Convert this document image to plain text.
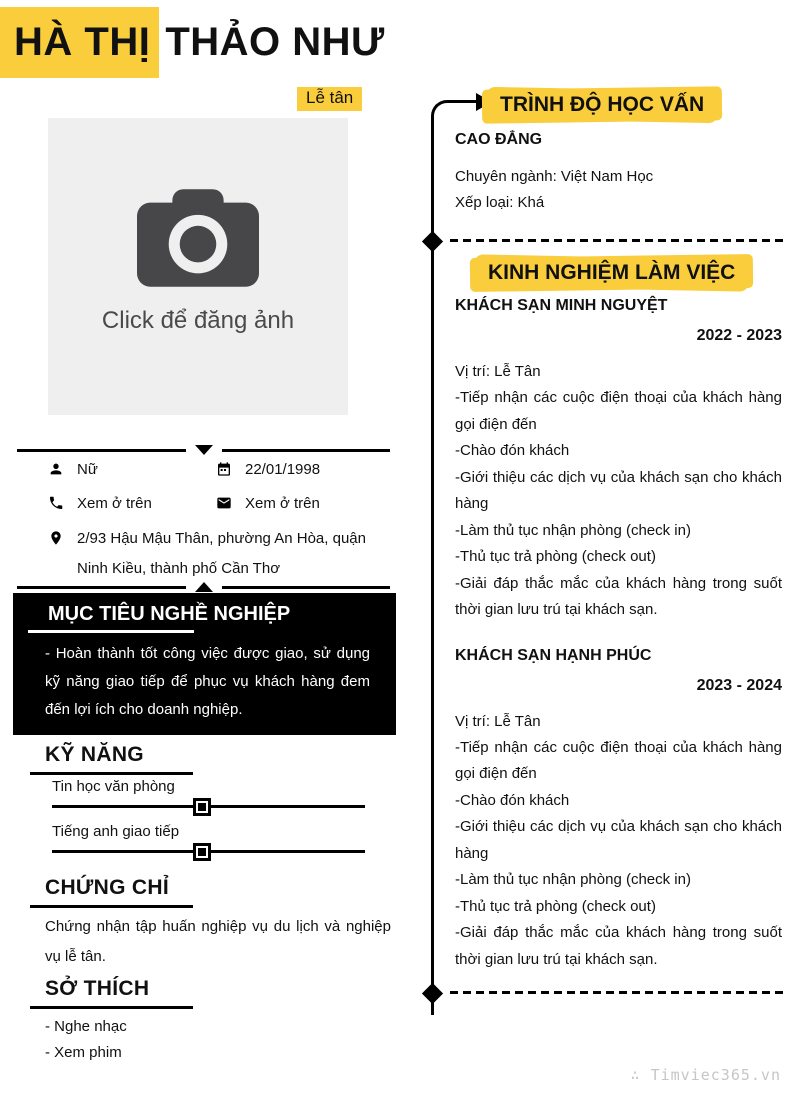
HÀ THỊ THẢO NHƯ
Lễ tân
Click để đăng ảnh
Nữ	22/01/1998
Xem ở trên	Xem ở trên
2/93 Hậu Mậu Thân, phường An Hòa, quận Ninh Kiều, thành phố Cần Thơ
MỤC TIÊU NGHỀ NGHIỆP

- Hoàn thành tốt công việc được giao, sử dụng kỹ năng giao tiếp để phục vụ khách hàng đem đến lợi ích cho doanh nghiệp.

KỸ NĂNG
Tin học văn phòng
Tiếng anh giao tiếp
CHỨNG CHỈ
Chứng nhận tập huấn nghiệp vụ du lịch và nghiệp vụ lễ tân.
SỞ THÍCH
- Nghe nhạc
- Xem phim
TRÌNH ĐỘ HỌC VẤN
CAO ĐẲNG
Chuyên ngành: Việt Nam Học
Xếp loại: Khá
KINH NGHIỆM LÀM VIỆC
KHÁCH SẠN MINH NGUYỆT
2022 - 2023
Vị trí: Lễ Tân
-Tiếp nhận các cuộc điện thoại của khách hàng gọi điện đến
-Chào đón khách
-Giới thiệu các dịch vụ của khách sạn cho khách hàng
-Làm thủ tục nhận phòng (check in)
-Thủ tục trả phòng (check out)
-Giải đáp thắc mắc của khách hàng trong suốt thời gian lưu trú tại khách sạn.
KHÁCH SẠN HẠNH PHÚC
2023 - 2024
Vị trí: Lễ Tân
-Tiếp nhận các cuộc điện thoại của khách hàng gọi điện đến
-Chào đón khách
-Giới thiệu các dịch vụ của khách sạn cho khách hàng
-Làm thủ tục nhận phòng (check in)
-Thủ tục trả phòng (check out)
-Giải đáp thắc mắc của khách hàng trong suốt thời gian lưu trú tại khách sạn.
∴ Timviec365.vn
